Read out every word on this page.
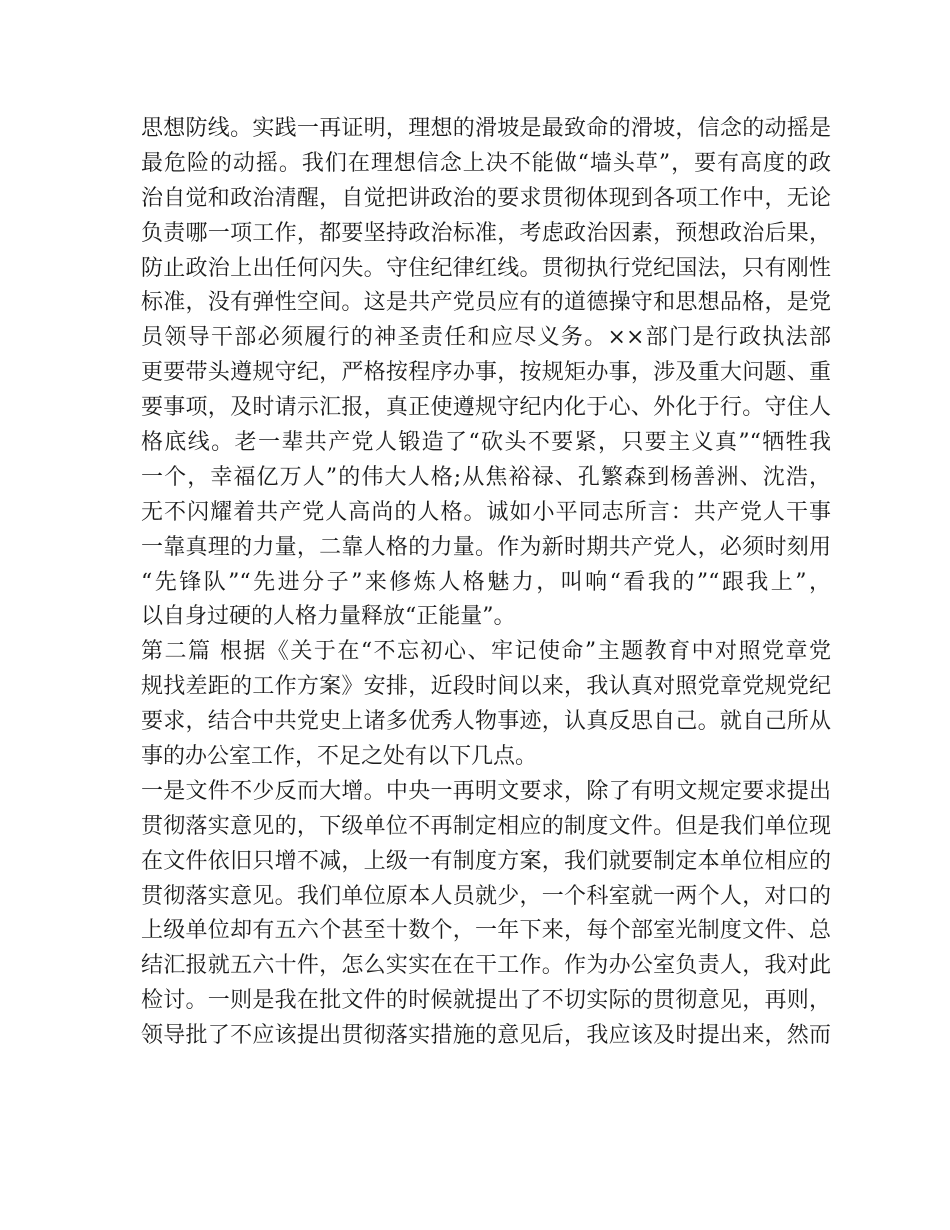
思想防线。实践一再证明，理想的滑坡是最致命的滑坡，信念的动摇是
最危险的动摇。我们在理想信念上决不能做“墙头草”，要有高度的政
治自觉和政治清醒，自觉把讲政治的要求贯彻体现到各项工作中，无论
负责哪一项工作，都要坚持政治标准，考虑政治因素，预想政治后果，
防止政治上出任何闪失。守住纪律红线。贯彻执行党纪国法，只有刚性
标准，没有弹性空间。这是共产党员应有的道德操守和思想品格，是党
员领导干部必须履行的神圣责任和应尽义务。××部门是行政执法部
更要带头遵规守纪，严格按程序办事，按规矩办事，涉及重大问题、重
要事项，及时请示汇报，真正使遵规守纪内化于心、外化于行。守住人
格底线。老一辈共产党人锻造了“砍头不要紧，只要主义真”“牺牲我
一个，幸福亿万人”的伟大人格;从焦裕禄、孔繁森到杨善洲、沈浩，
无不闪耀着共产党人高尚的人格。诚如小平同志所言：共产党人干事
一靠真理的力量，二靠人格的力量。作为新时期共产党人，必须时刻用
“先锋队”“先进分子”来修炼人格魅力，叫响“看我的”“跟我上”，
以自身过硬的人格力量释放“正能量”。
第二篇 根据《关于在“不忘初心、牢记使命”主题教育中对照党章党
规找差距的工作方案》安排，近段时间以来，我认真对照党章党规党纪
要求，结合中共党史上诸多优秀人物事迹，认真反思自己。就自己所从
事的办公室工作，不足之处有以下几点。
一是文件不少反而大增。中央一再明文要求，除了有明文规定要求提出
贯彻落实意见的，下级单位不再制定相应的制度文件。但是我们单位现
在文件依旧只增不减，上级一有制度方案，我们就要制定本单位相应的
贯彻落实意见。我们单位原本人员就少，一个科室就一两个人，对口的
上级单位却有五六个甚至十数个，一年下来，每个部室光制度文件、总
结汇报就五六十件，怎么实实在在干工作。作为办公室负责人，我对此
检讨。一则是我在批文件的时候就提出了不切实际的贯彻意见，再则，
领导批了不应该提出贯彻落实措施的意见后，我应该及时提出来，然而
